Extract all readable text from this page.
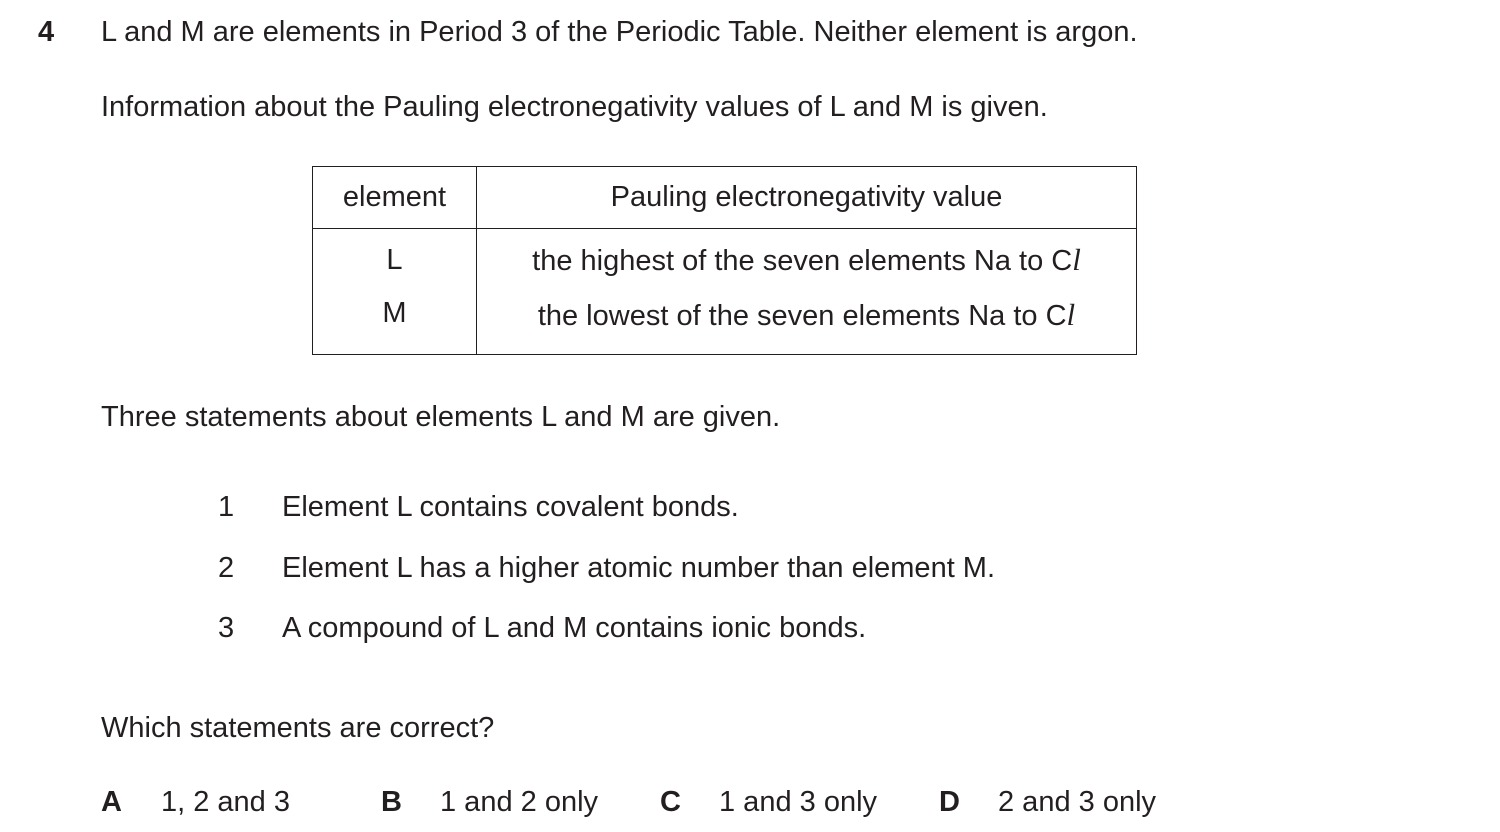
4 L and M are elements in Period 3 of the Periodic Table. Neither element is argon.
Information about the Pauling electronegativity values of L and M is given.
element	Pauling electronegativity value
L	the highest of the seven elements Na to Cl
M	the lowest of the seven elements Na to Cl
Three statements about elements L and M are given.
1 Element L contains covalent bonds.
2 Element L has a higher atomic number than element M.
3 A compound of L and M contains ionic bonds.
Which statements are correct?
A 1, 2 and 3	B 1 and 2 only C 1 and 3 only D 2 and 3 only
